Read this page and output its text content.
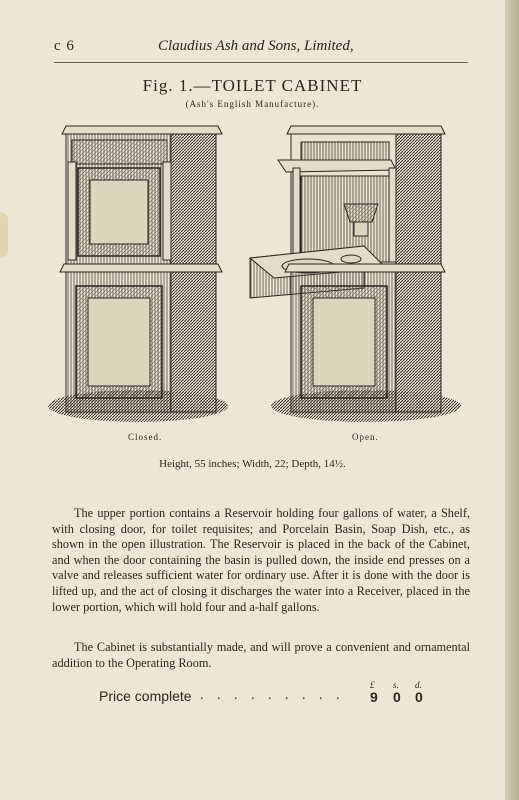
c 6	Claudius Ash and Sons, Limited,
Fig. 1.—TOILET CABINET
(Ash's English Manufacture).
Closed.	Open.
Height, 55 inches; Width, 22; Depth, 14½.
The upper portion contains a Reservoir holding four gallons of water, a Shelf, with closing door, for toilet requisites; and Porcelain Basin, Soap Dish, etc., as shown in the open illustration. The Reservoir is placed in the back of the Cabinet, and when the door containing the basin is pulled down, the inside end presses on a valve and releases sufficient water for ordinary use. After it is done with the door is lifted up, and the act of closing it discharges the water into a Receiver, placed in the lower portion, which will hold four and a-half gallons.
The Cabinet is substantially made, and will prove a convenient and ornamental addition to the Operating Room.
£ s. d.
Price complete . . . . . . . . . 9 0 0
